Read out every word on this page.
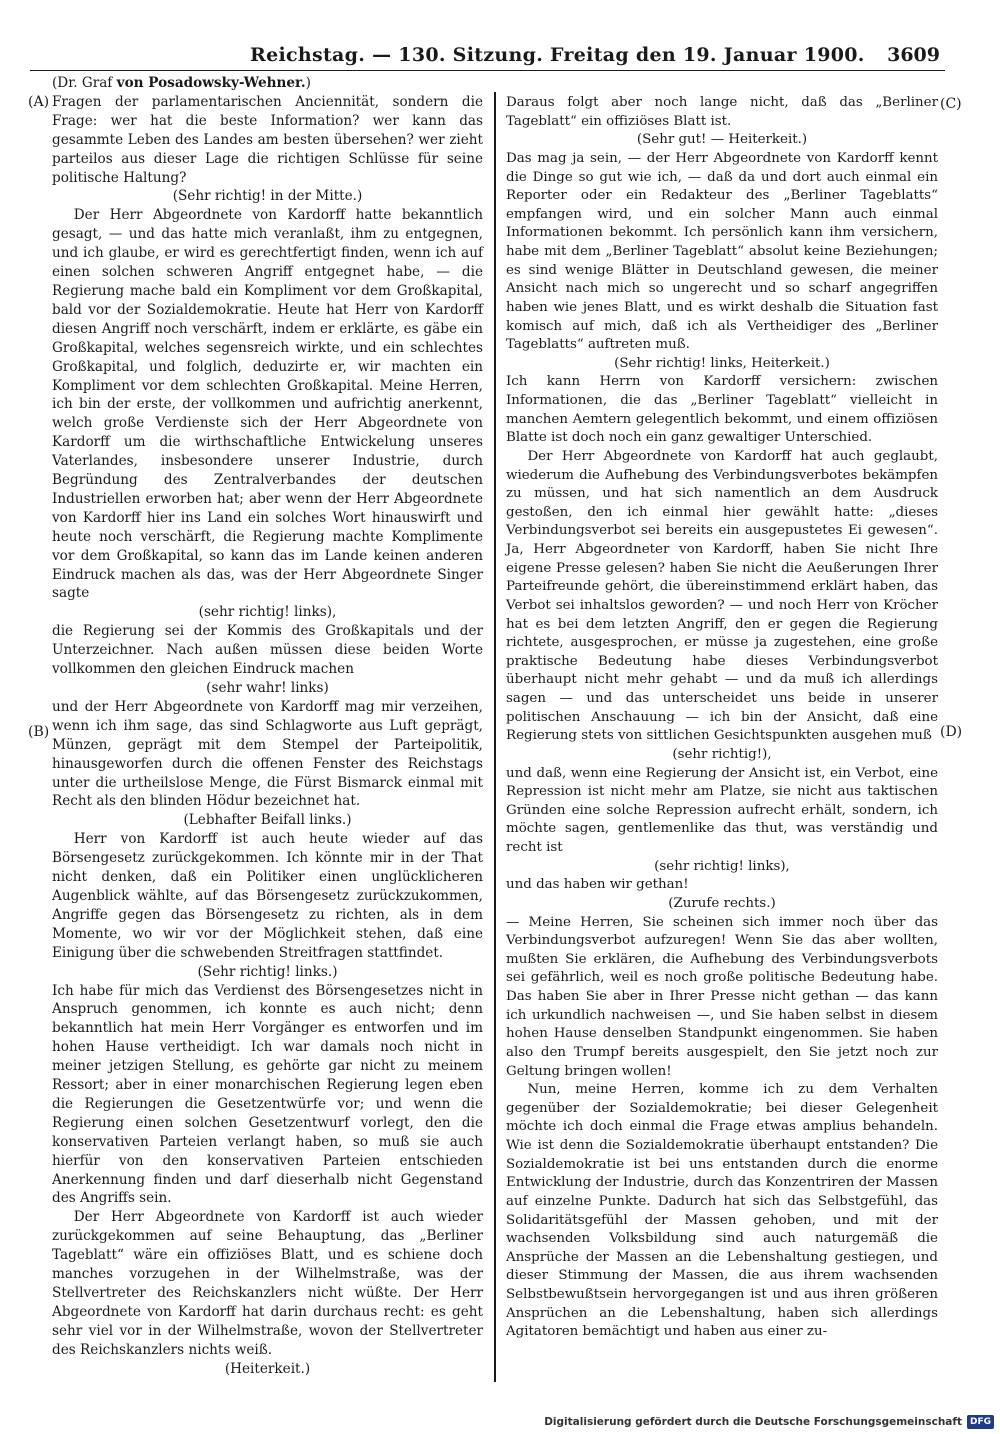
Reichstag. — 130. Sitzung. Freitag den 19. Januar 1900. 3609
(A)
(B)
(C)
(D)

(Dr. Graf von Posadowsky-Wehner.)

Fragen der parlamentarischen Anciennität, sondern die Frage: wer hat die beste Information? wer kann das gesammte Leben des Landes am besten übersehen? wer zieht parteilos aus dieser Lage die richtigen Schlüsse für seine politische Haltung?

(Sehr richtig! in der Mitte.)

Der Herr Abgeordnete von Kardorff hatte bekanntlich gesagt, — und das hatte mich veranlaßt, ihm zu entgegnen, und ich glaube, er wird es gerechtfertigt finden, wenn ich auf einen solchen schweren Angriff entgegnet habe, — die Regierung mache bald ein Kompliment vor dem Großkapital, bald vor der Sozialdemokratie. Heute hat Herr von Kardorff diesen Angriff noch verschärft, indem er erklärte, es gäbe ein Großkapital, welches segensreich wirkte, und ein schlechtes Großkapital, und folglich, deduzirte er, wir machten ein Kompliment vor dem schlechten Großkapital. Meine Herren, ich bin der erste, der vollkommen und aufrichtig anerkennt, welch große Verdienste sich der Herr Abgeordnete von Kardorff um die wirthschaftliche Entwickelung unseres Vaterlandes, insbesondere unserer Industrie, durch Begründung des Zentralverbandes der deutschen Industriellen erworben hat; aber wenn der Herr Abgeordnete von Kardorff hier ins Land ein solches Wort hinauswirft und heute noch verschärft, die Regierung machte Komplimente vor dem Großkapital, so kann das im Lande keinen anderen Eindruck machen als das, was der Herr Abgeordnete Singer sagte

(sehr richtig! links),

die Regierung sei der Kommis des Großkapitals und der Unterzeichner. Nach außen müssen diese beiden Worte vollkommen den gleichen Eindruck machen

(sehr wahr! links)

und der Herr Abgeordnete von Kardorff mag mir verzeihen, wenn ich ihm sage, das sind Schlagworte aus Luft geprägt, Münzen, geprägt mit dem Stempel der Parteipolitik, hinausgeworfen durch die offenen Fenster des Reichstags unter die urtheilslose Menge, die Fürst Bismarck einmal mit Recht als den blinden Hödur bezeichnet hat.

(Lebhafter Beifall links.)

Herr von Kardorff ist auch heute wieder auf das Börsengesetz zurückgekommen. Ich könnte mir in der That nicht denken, daß ein Politiker einen unglücklicheren Augenblick wählte, auf das Börsengesetz zurückzukommen, Angriffe gegen das Börsengesetz zu richten, als in dem Momente, wo wir vor der Möglichkeit stehen, daß eine Einigung über die schwebenden Streitfragen stattfindet.

(Sehr richtig! links.)

Ich habe für mich das Verdienst des Börsengesetzes nicht in Anspruch genommen, ich konnte es auch nicht; denn bekanntlich hat mein Herr Vorgänger es entworfen und im hohen Hause vertheidigt. Ich war damals noch nicht in meiner jetzigen Stellung, es gehörte gar nicht zu meinem Ressort; aber in einer monarchischen Regierung legen eben die Regierungen die Gesetzentwürfe vor; und wenn die Regierung einen solchen Gesetzentwurf vorlegt, den die konservativen Parteien verlangt haben, so muß sie auch hierfür von den konservativen Parteien entschieden Anerkennung finden und darf dieserhalb nicht Gegenstand des Angriffs sein.

Der Herr Abgeordnete von Kardorff ist auch wieder zurückgekommen auf seine Behauptung, das „Berliner Tageblatt“ wäre ein offiziöses Blatt, und es schiene doch manches vorzugehen in der Wilhelmstraße, was der Stellvertreter des Reichskanzlers nicht wüßte. Der Herr Abgeordnete von Kardorff hat darin durchaus recht: es geht sehr viel vor in der Wilhelmstraße, wovon der Stellvertreter des Reichskanzlers nichts weiß.

(Heiterkeit.)

Daraus folgt aber noch lange nicht, daß das „Berliner Tageblatt“ ein offiziöses Blatt ist.

(Sehr gut! — Heiterkeit.)

Das mag ja sein, — der Herr Abgeordnete von Kardorff kennt die Dinge so gut wie ich, — daß da und dort auch einmal ein Reporter oder ein Redakteur des „Berliner Tageblatts“ empfangen wird, und ein solcher Mann auch einmal Informationen bekommt. Ich persönlich kann ihm versichern, habe mit dem „Berliner Tageblatt“ absolut keine Beziehungen; es sind wenige Blätter in Deutschland gewesen, die meiner Ansicht nach mich so ungerecht und so scharf angegriffen haben wie jenes Blatt, und es wirkt deshalb die Situation fast komisch auf mich, daß ich als Vertheidiger des „Berliner Tageblatts“ auftreten muß.

(Sehr richtig! links, Heiterkeit.)

Ich kann Herrn von Kardorff versichern: zwischen Informationen, die das „Berliner Tageblatt“ vielleicht in manchen Aemtern gelegentlich bekommt, und einem offiziösen Blatte ist doch noch ein ganz gewaltiger Unterschied.

Der Herr Abgeordnete von Kardorff hat auch geglaubt, wiederum die Aufhebung des Verbindungsverbotes bekämpfen zu müssen, und hat sich namentlich an dem Ausdruck gestoßen, den ich einmal hier gewählt hatte: „dieses Verbindungsverbot sei bereits ein ausgepustetes Ei gewesen“. Ja, Herr Abgeordneter von Kardorff, haben Sie nicht Ihre eigene Presse gelesen? haben Sie nicht die Aeußerungen Ihrer Parteifreunde gehört, die übereinstimmend erklärt haben, das Verbot sei inhaltslos geworden? — und noch Herr von Kröcher hat es bei dem letzten Angriff, den er gegen die Regierung richtete, ausgesprochen, er müsse ja zugestehen, eine große praktische Bedeutung habe dieses Verbindungsverbot überhaupt nicht mehr gehabt — und da muß ich allerdings sagen — und das unterscheidet uns beide in unserer politischen Anschauung — ich bin der Ansicht, daß eine Regierung stets von sittlichen Gesichtspunkten ausgehen muß

(sehr richtig!),

und daß, wenn eine Regierung der Ansicht ist, ein Verbot, eine Repression ist nicht mehr am Platze, sie nicht aus taktischen Gründen eine solche Repression aufrecht erhält, sondern, ich möchte sagen, gentlemenlike das thut, was verständig und recht ist

(sehr richtig! links),

und das haben wir gethan!

(Zurufe rechts.)

— Meine Herren, Sie scheinen sich immer noch über das Verbindungsverbot aufzuregen! Wenn Sie das aber wollten, mußten Sie erklären, die Aufhebung des Verbindungsverbots sei gefährlich, weil es noch große politische Bedeutung habe. Das haben Sie aber in Ihrer Presse nicht gethan — das kann ich urkundlich nachweisen —, und Sie haben selbst in diesem hohen Hause denselben Standpunkt eingenommen. Sie haben also den Trumpf bereits ausgespielt, den Sie jetzt noch zur Geltung bringen wollen!

Nun, meine Herren, komme ich zu dem Verhalten gegenüber der Sozialdemokratie; bei dieser Gelegenheit möchte ich doch einmal die Frage etwas amplius behandeln. Wie ist denn die Sozialdemokratie überhaupt entstanden? Die Sozialdemokratie ist bei uns entstanden durch die enorme Entwicklung der Industrie, durch das Konzentriren der Massen auf einzelne Punkte. Dadurch hat sich das Selbstgefühl, das Solidaritätsgefühl der Massen gehoben, und mit der wachsenden Volksbildung sind auch naturgemäß die Ansprüche der Massen an die Lebenshaltung gestiegen, und dieser Stimmung der Massen, die aus ihrem wachsenden Selbstbewußtsein hervorgegangen ist und aus ihren größeren Ansprüchen an die Lebenshaltung, haben sich allerdings Agitatoren bemächtigt und haben aus einer zu-

Digitalisierung gefördert durch die Deutsche Forschungsgemeinschaft DFG
